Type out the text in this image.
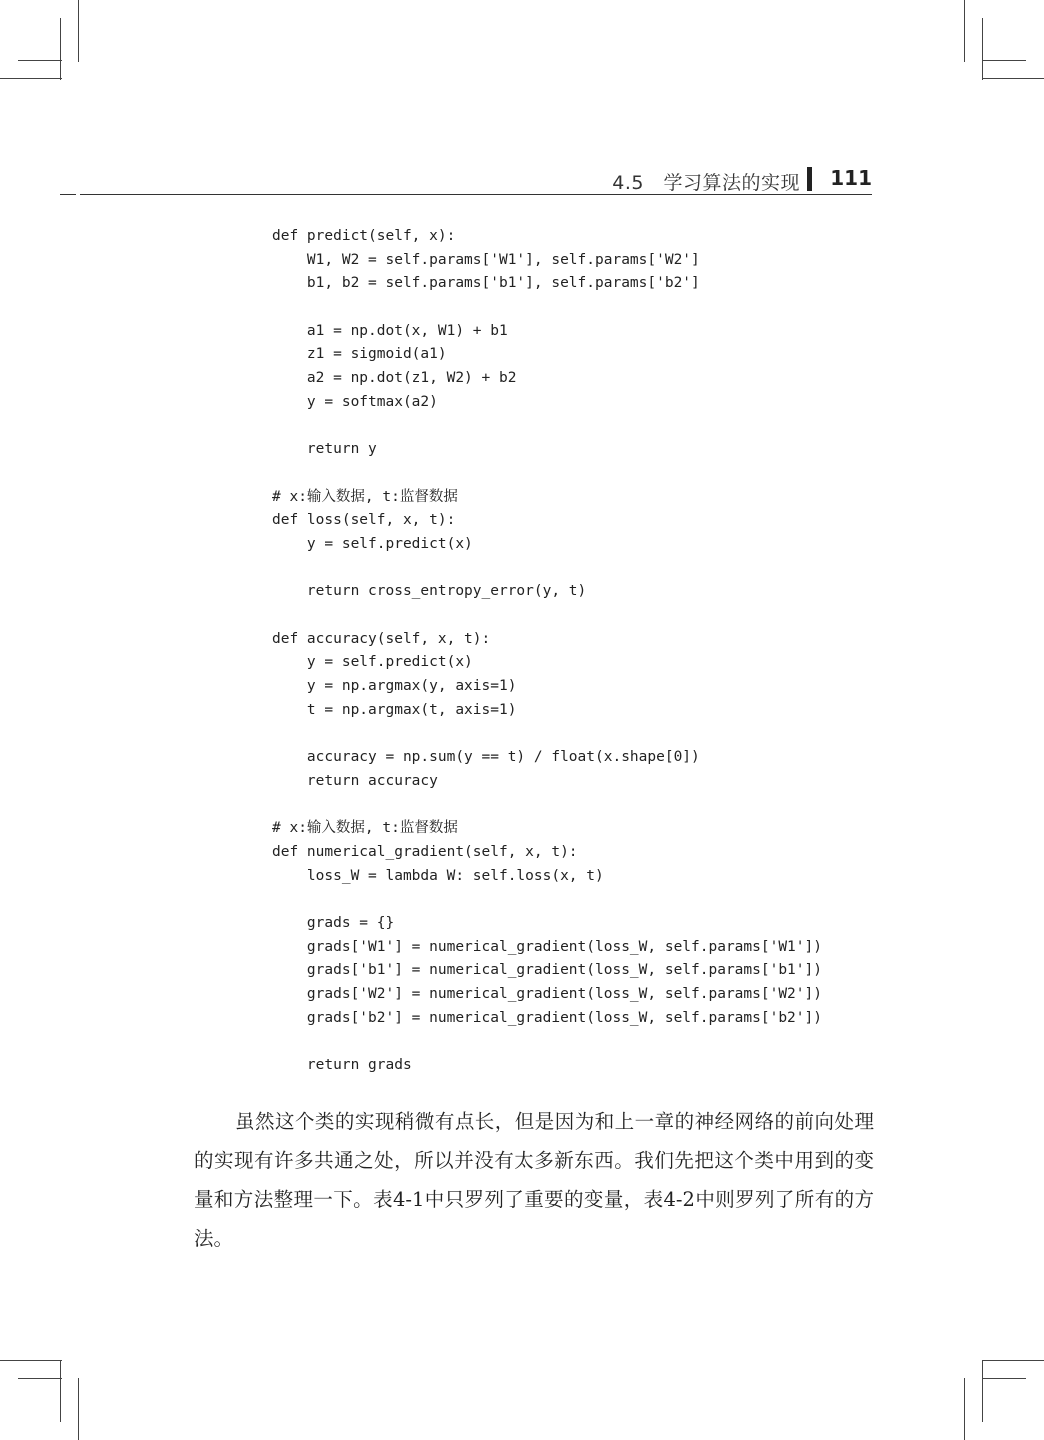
4.5　学习算法的实现 111
def predict(self, x):
W1, W2 = self.params['W1'], self.params['W2']
b1, b2 = self.params['b1'], self.params['b2']
a1 = np.dot(x, W1) + b1
z1 = sigmoid(a1)
a2 = np.dot(z1, W2) + b2
y = softmax(a2)
return y
# x:输入数据, t:监督数据
def loss(self, x, t):
y = self.predict(x)
return cross_entropy_error(y, t)
def accuracy(self, x, t):
y = self.predict(x)
y = np.argmax(y, axis=1)
t = np.argmax(t, axis=1)
accuracy = np.sum(y == t) / float(x.shape[0])
return accuracy
# x:输入数据, t:监督数据
def numerical_gradient(self, x, t):
loss_W = lambda W: self.loss(x, t)
grads = {}
grads['W1'] = numerical_gradient(loss_W, self.params['W1'])
grads['b1'] = numerical_gradient(loss_W, self.params['b1'])
grads['W2'] = numerical_gradient(loss_W, self.params['W2'])
grads['b2'] = numerical_gradient(loss_W, self.params['b2'])
return grads

虽然这个类的实现稍微有点长，但是因为和上一章的神经网络的前向处理的实现有许多共通之处，所以并没有太多新东西。我们先把这个类中用到的变量和方法整理一下。表4-1中只罗列了重要的变量，表4-2中则罗列了所有的方法。
